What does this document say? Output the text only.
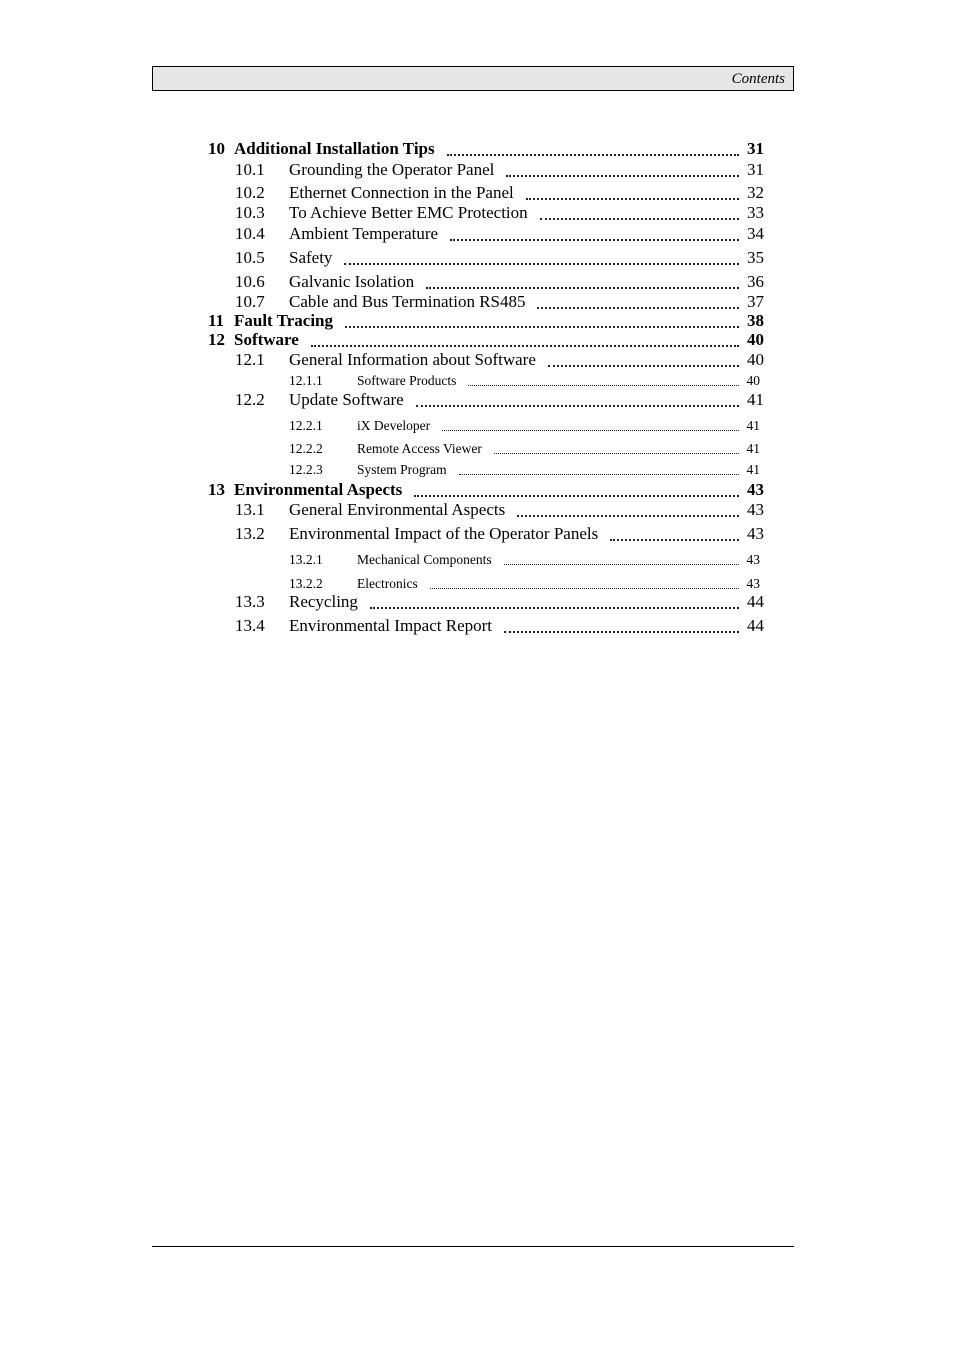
Contents
10 Additional Installation Tips	31
10.1 Grounding the Operator Panel	31
10.2 Ethernet Connection in the Panel	32
10.3 To Achieve Better EMC Protection	33
10.4 Ambient Temperature	34
10.5 Safety	35
10.6 Galvanic Isolation	36
10.7 Cable and Bus Termination RS485	37
11 Fault Tracing	38
12 Software	40
12.1 General Information about Software	40
12.1.1	Software Products	40
12.2 Update Software	41
12.2.1	iX Developer	41
12.2.2	Remote Access Viewer	41
12.2.3	System Program	41
13 Environmental Aspects	43
13.1 General Environmental Aspects	43
13.2 Environmental Impact of the Operator Panels	43
13.2.1	Mechanical Components	43
13.2.2	Electronics	43
13.3 Recycling	44
13.4 Environmental Impact Report	44
